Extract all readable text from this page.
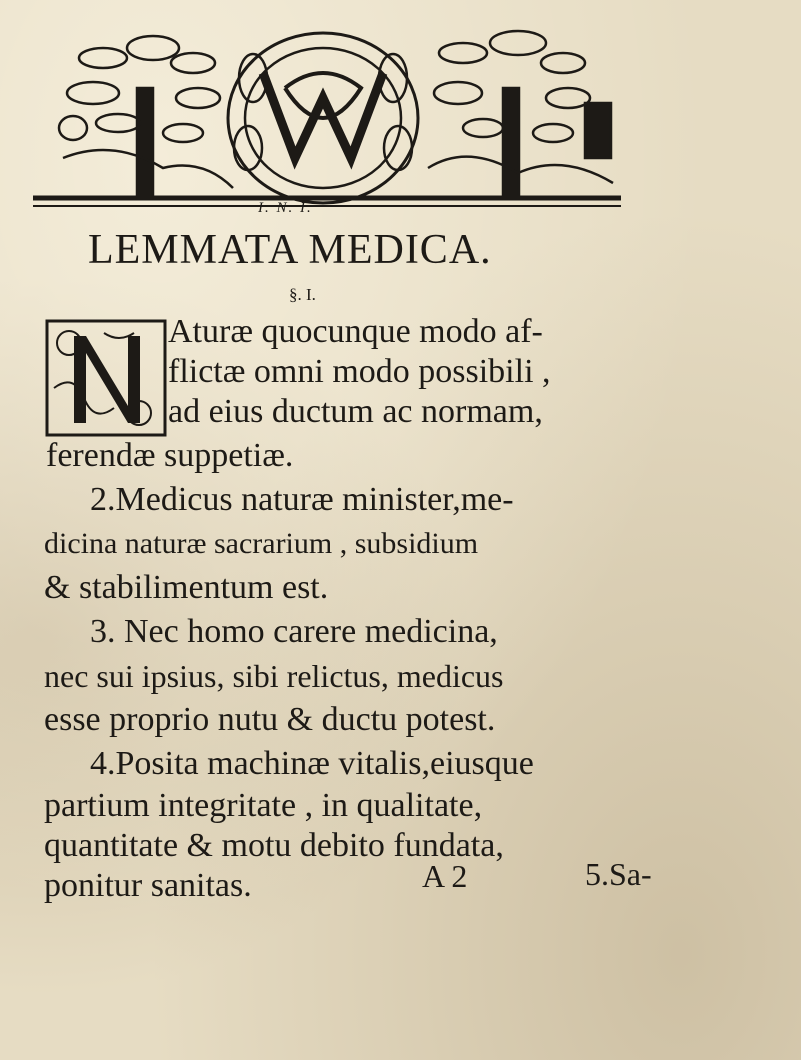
I. N. I.
LEMMATA MEDICA.
§. I.
Aturæ quocunque modo af-
flictæ omni modo possibili ,
ad eius ductum ac normam,
ferendæ suppetiæ.
2.Medicus naturæ minister,me-
dicina naturæ sacrarium , subsidium
& stabilimentum est.
3. Nec homo carere medicina,
nec sui ipsius, sibi relictus, medicus
esse proprio nutu & ductu potest.
4.Posita machinæ vitalis,eiusque
partium integritate , in qualitate,
quantitate & motu debito fundata,
ponitur sanitas.	A 2	5.Sa-
